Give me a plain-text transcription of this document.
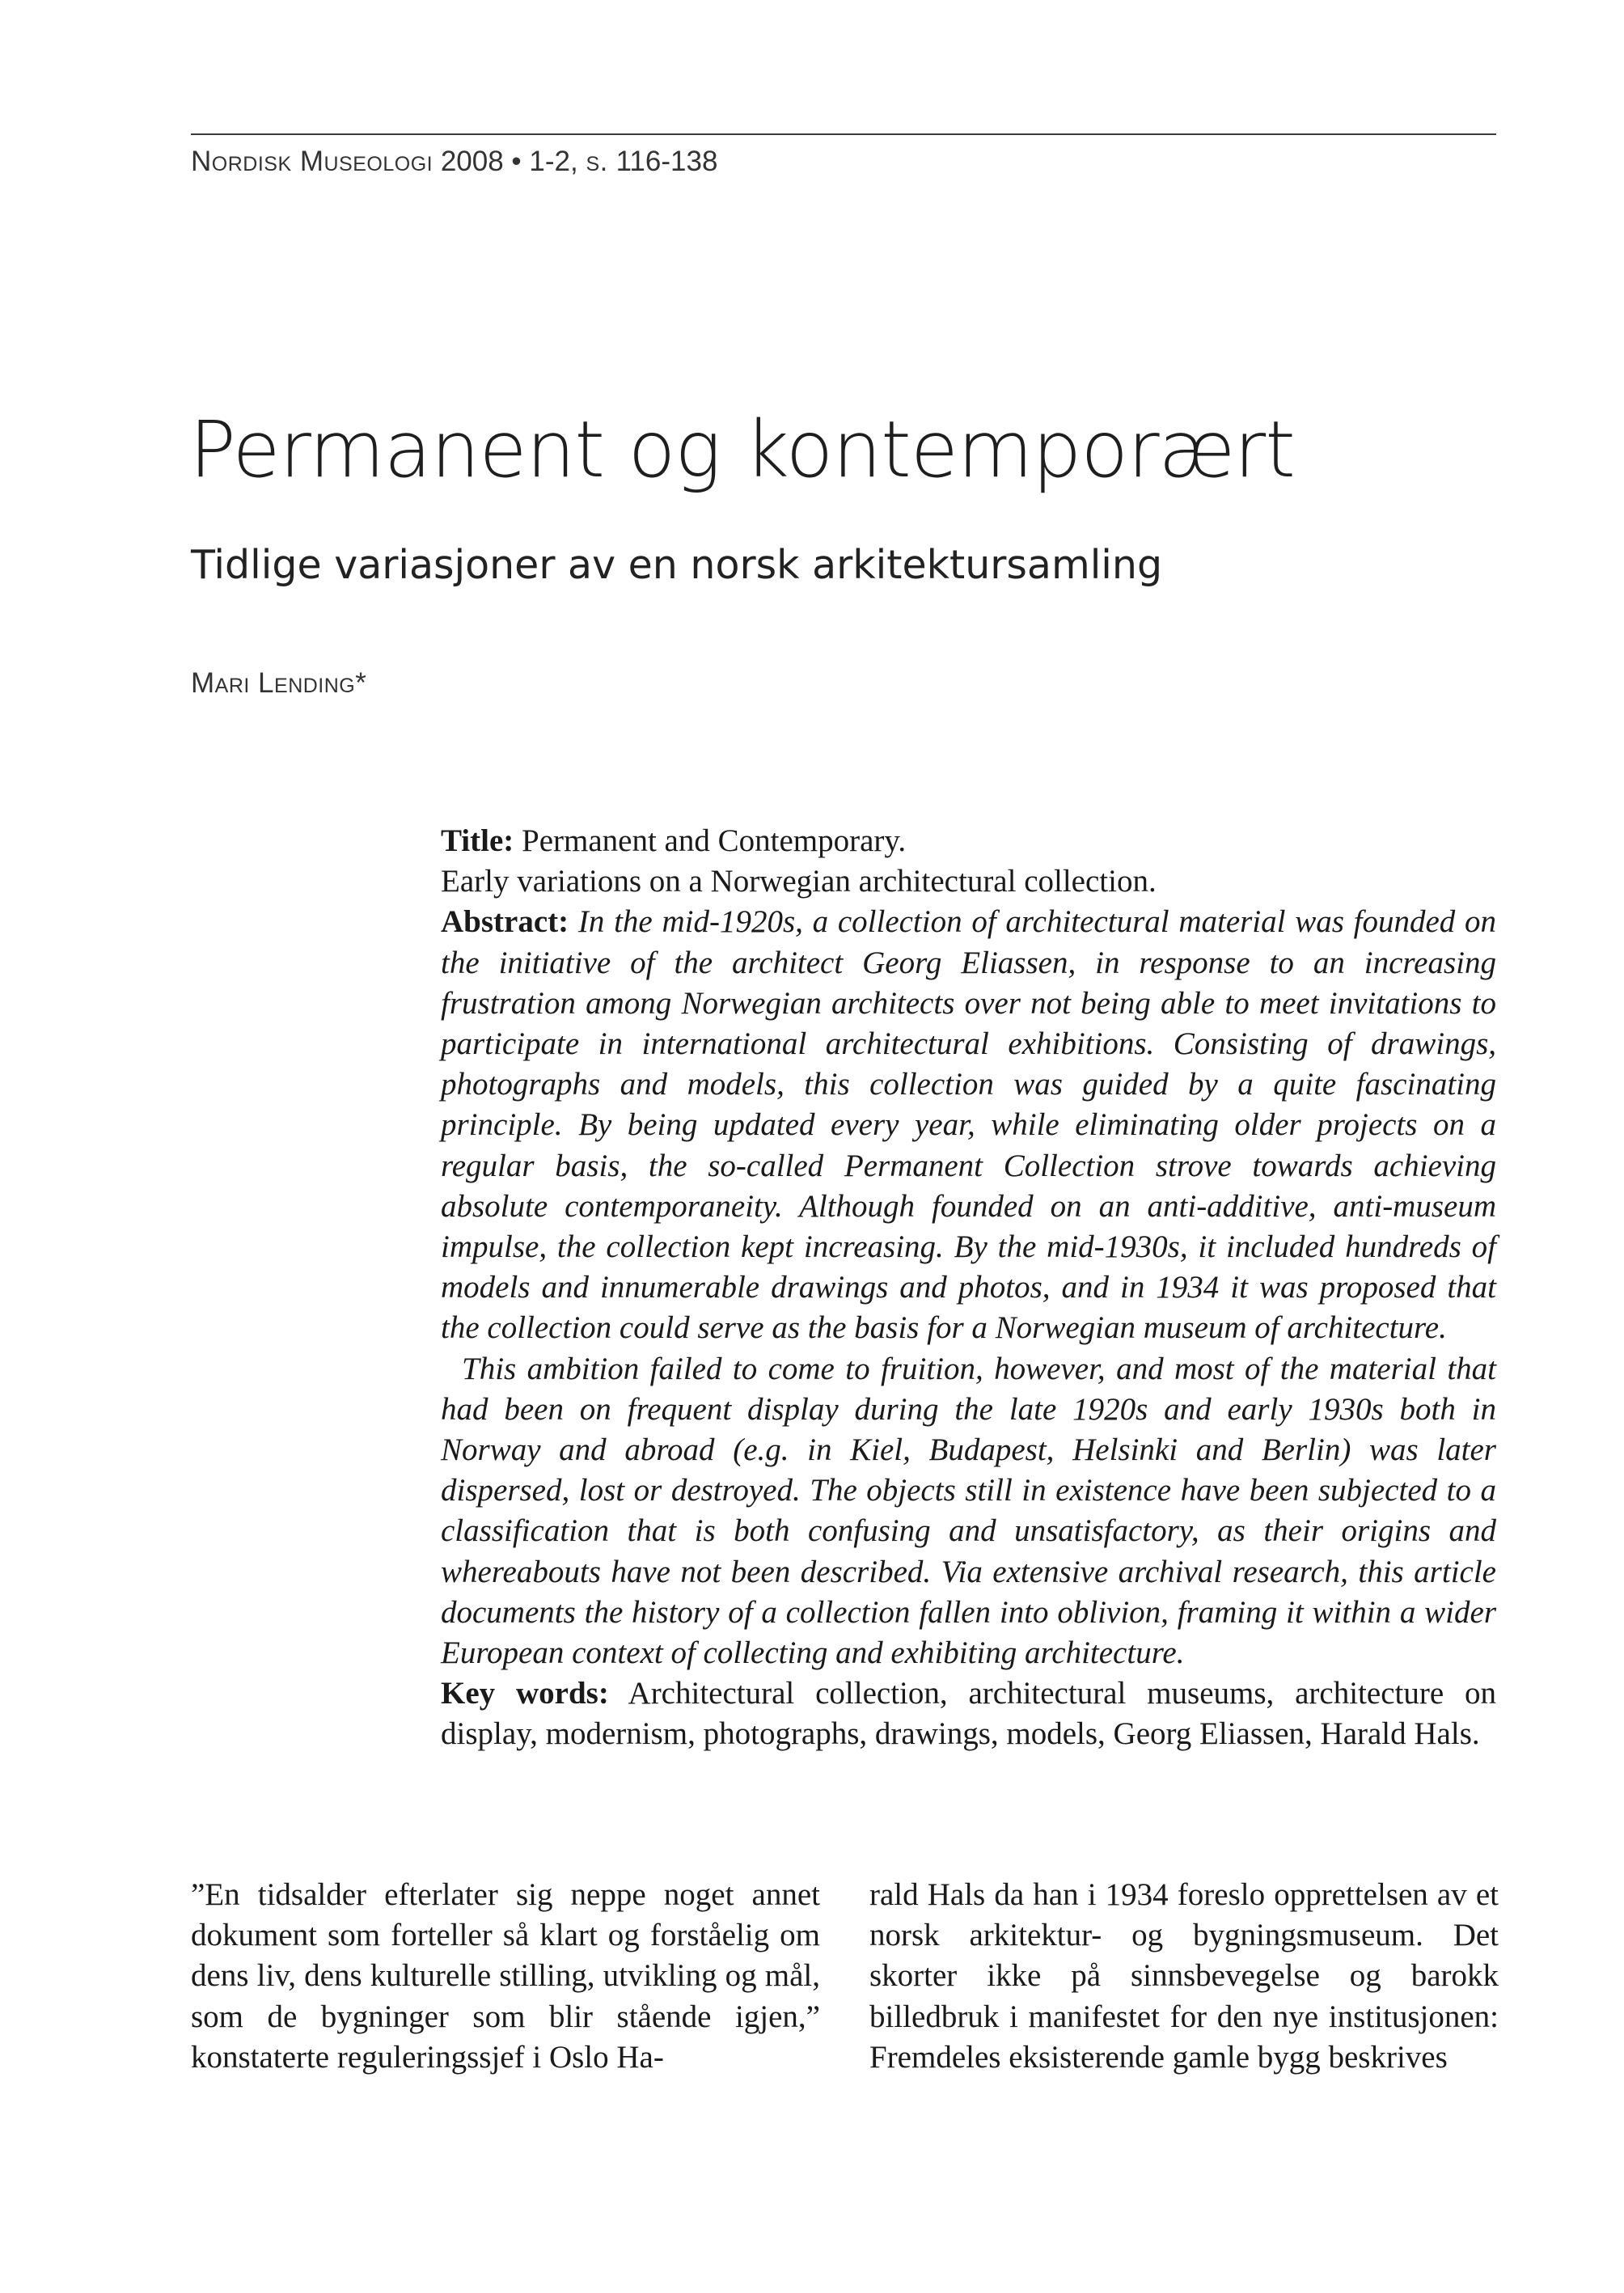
Nordisk Museologi 2008 • 1-2, s. 116-138
Permanent og kontemporært
Tidlige variasjoner av en norsk arkitektursamling
Mari Lending*

Title: Permanent and Contemporary.

Early variations on a Norwegian architectural collection.

Abstract: In the mid-1920s, a collection of architectural material was founded on the initiative of the architect Georg Eliassen, in response to an increasing frustration among Norwegian architects over not being able to meet invitations to participate in international architectural exhibitions. Consisting of drawings, photographs and models, this collection was guided by a quite fascinating principle. By being updated every year, while eliminating older projects on a regular basis, the so-called Permanent Collection strove towards achieving absolute contemporaneity. Although founded on an anti-additive, anti-museum impulse, the collection kept increasing. By the mid-1930s, it included hundreds of models and innumerable drawings and photos, and in 1934 it was proposed that the collection could serve as the basis for a Norwegian museum of architecture.

This ambition failed to come to fruition, however, and most of the material that had been on frequent display during the late 1920s and early 1930s both in Norway and abroad (e.g. in Kiel, Budapest, Helsinki and Berlin) was later dispersed, lost or destroyed. The objects still in existence have been subjected to a classification that is both confusing and unsatisfactory, as their origins and whereabouts have not been described. Via extensive archival research, this article documents the history of a collection fallen into oblivion, framing it within a wider European context of collecting and exhibiting architecture.

Key words: Architectural collection, architectural museums, architecture on display, modernism, photographs, drawings, models, Georg Eliassen, Harald Hals.

”En tidsalder efterlater sig neppe noget annet dokument som forteller så klart og forståelig om dens liv, dens kulturelle stilling, utvikling og mål, som de bygninger som blir stående igjen,” konstaterte reguleringssjef i Oslo Ha-
rald Hals da han i 1934 foreslo opprettelsen av et norsk arkitektur- og bygningsmuseum. Det skorter ikke på sinnsbevegelse og barokk billedbruk i manifestet for den nye institusjonen: Fremdeles eksisterende gamle bygg beskrives
